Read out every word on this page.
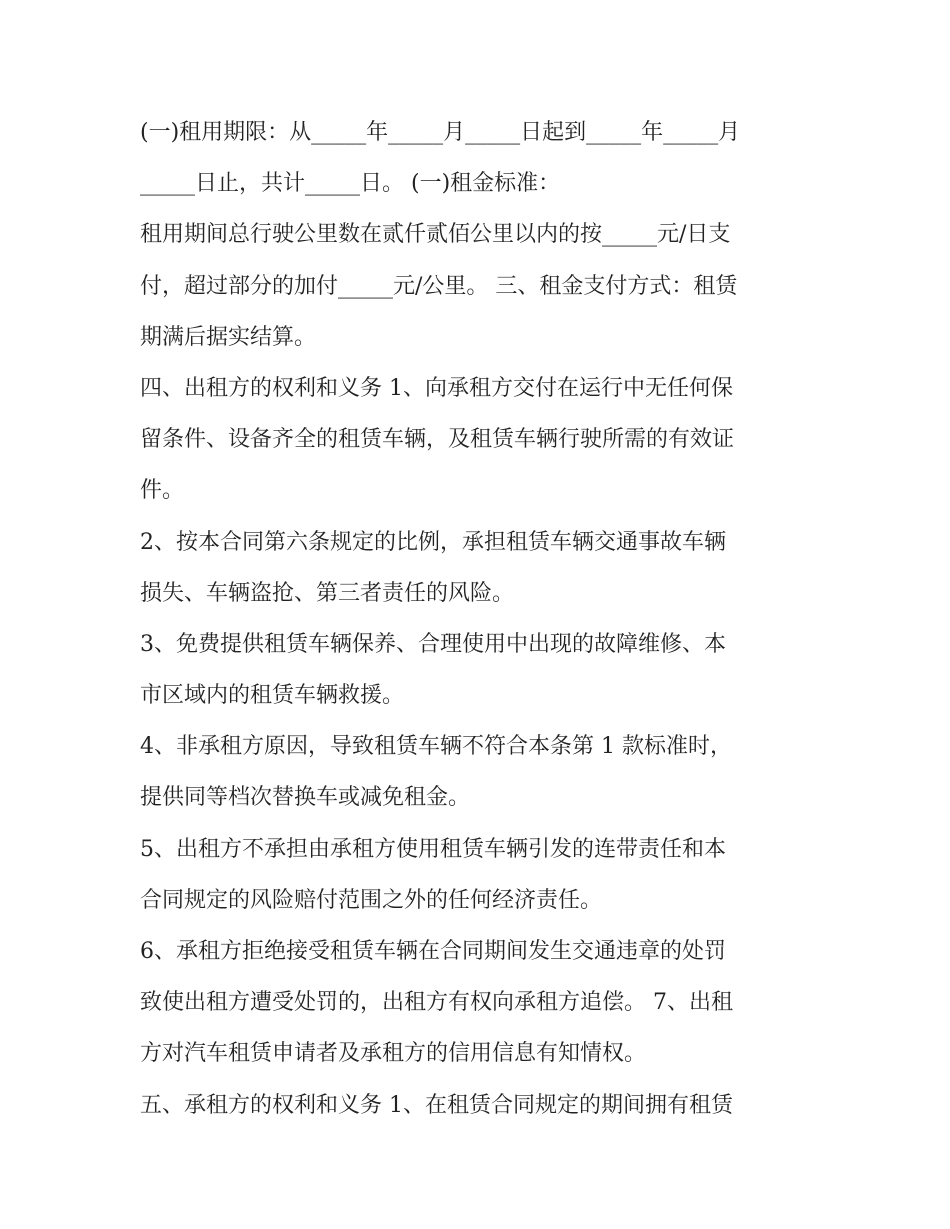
(一)租用期限：从_____年_____月_____日起到_____年_____月
_____日止，共计_____日。 (一)租金标准：
租用期间总行驶公里数在贰仟贰佰公里以内的按_____元/日支
付，超过部分的加付_____元/公里。 三、租金支付方式：租赁
期满后据实结算。
四、出租方的权利和义务 1、向承租方交付在运行中无任何保
留条件、设备齐全的租赁车辆，及租赁车辆行驶所需的有效证
件。
2、按本合同第六条规定的比例，承担租赁车辆交通事故车辆
损失、车辆盗抢、第三者责任的风险。
3、免费提供租赁车辆保养、合理使用中出现的故障维修、本
市区域内的租赁车辆救援。
4、非承租方原因，导致租赁车辆不符合本条第 1 款标准时，
提供同等档次替换车或减免租金。
5、出租方不承担由承租方使用租赁车辆引发的连带责任和本
合同规定的风险赔付范围之外的任何经济责任。
6、承租方拒绝接受租赁车辆在合同期间发生交通违章的处罚
致使出租方遭受处罚的，出租方有权向承租方追偿。 7、出租
方对汽车租赁申请者及承租方的信用信息有知情权。
五、承租方的权利和义务 1、在租赁合同规定的期间拥有租赁
